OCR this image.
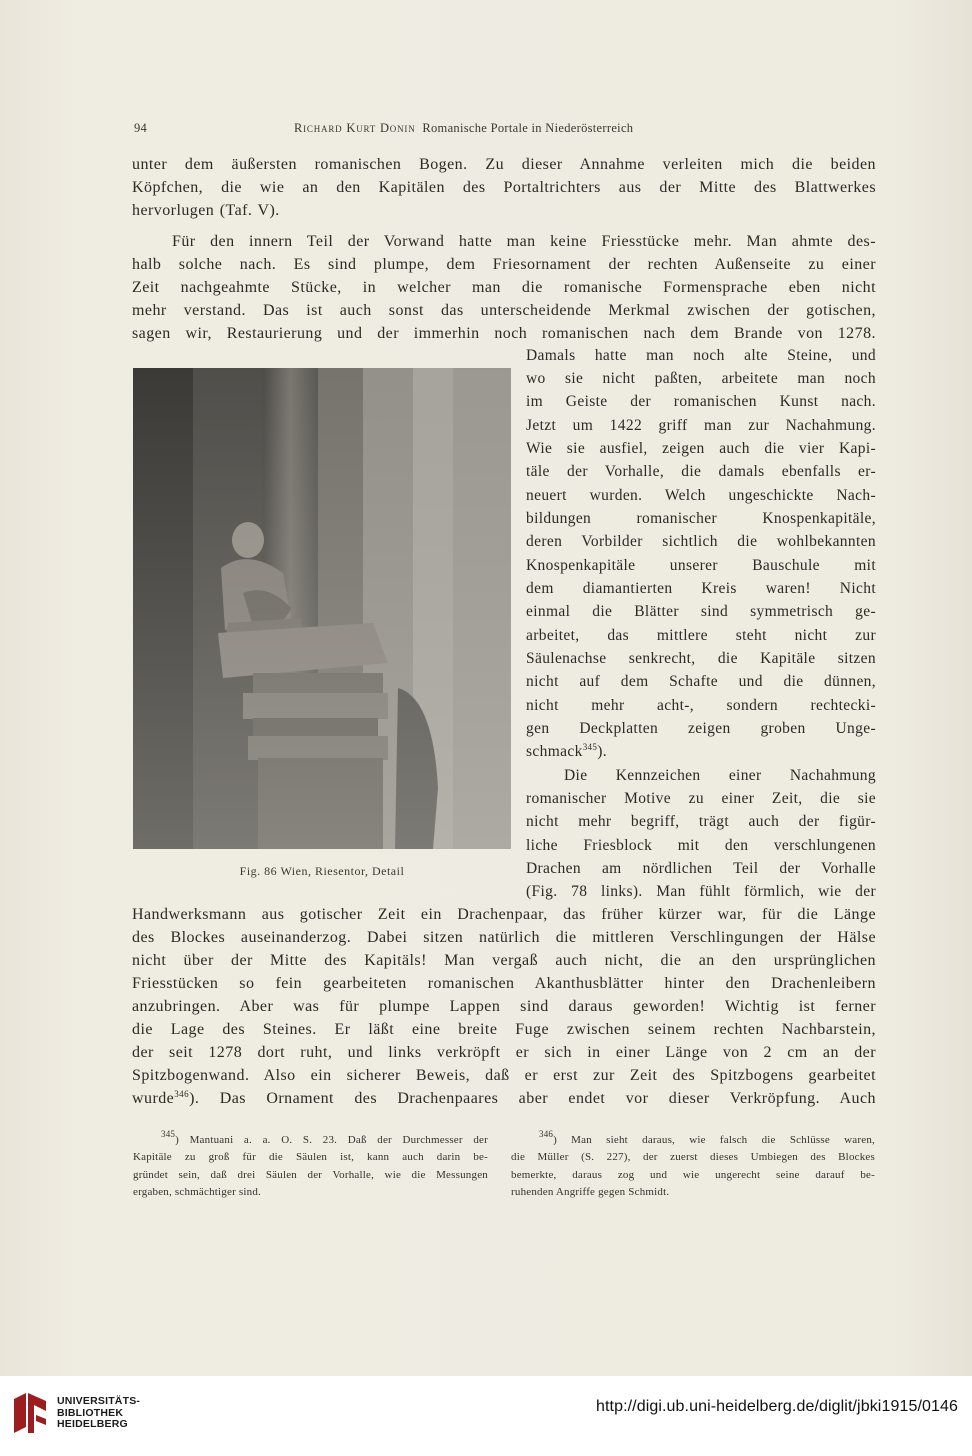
94	Richard Kurt Donin Romanische Portale in Niederösterreich
unter dem äußersten romanischen Bogen. Zu dieser Annahme verleiten mich die beiden
Köpfchen, die wie an den Kapitälen des Portaltrichters aus der Mitte des Blattwerkes
hervorlugen (Taf. V).
Für den innern Teil der Vorwand hatte man keine Friesstücke mehr. Man ahmte des-
halb solche nach. Es sind plumpe, dem Friesornament der rechten Außenseite zu einer
Zeit nachgeahmte Stücke, in welcher man die romanische Formensprache eben nicht
mehr verstand. Das ist auch sonst das unterscheidende Merkmal zwischen der gotischen,
sagen wir, Restaurierung und der immerhin noch romanischen nach dem Brande von 1278.
Fig. 86 Wien, Riesentor, Detail
Damals hatte man noch alte Steine, und
wo sie nicht paßten, arbeitete man noch
im Geiste der romanischen Kunst nach.
Jetzt um 1422 griff man zur Nachahmung.
Wie sie ausfiel, zeigen auch die vier Kapi-
täle der Vorhalle, die damals ebenfalls er-
neuert wurden. Welch ungeschickte Nach-
bildungen romanischer Knospenkapitäle,
deren Vorbilder sichtlich die wohlbekannten
Knospenkapitäle unserer Bauschule mit
dem diamantierten Kreis waren! Nicht
einmal die Blätter sind symmetrisch ge-
arbeitet, das mittlere steht nicht zur
Säulenachse senkrecht, die Kapitäle sitzen
nicht auf dem Schafte und die dünnen,
nicht mehr acht-, sondern rechtecki-
gen Deckplatten zeigen groben Unge-
schmack$^{345}$).
Die Kennzeichen einer Nachahmung
romanischer Motive zu einer Zeit, die sie
nicht mehr begriff, trägt auch der figür-
liche Friesblock mit den verschlungenen
Drachen am nördlichen Teil der Vorhalle
(Fig. 78 links). Man fühlt förmlich, wie der
Handwerksmann aus gotischer Zeit ein Drachenpaar, das früher kürzer war, für die Länge
des Blockes auseinanderzog. Dabei sitzen natürlich die mittleren Verschlingungen der Hälse
nicht über der Mitte des Kapitäls! Man vergaß auch nicht, die an den ursprünglichen
Friesstücken so fein gearbeiteten romanischen Akanthusblätter hinter den Drachenleibern
anzubringen. Aber was für plumpe Lappen sind daraus geworden! Wichtig ist ferner
die Lage des Steines. Er läßt eine breite Fuge zwischen seinem rechten Nachbarstein,
der seit 1278 dort ruht, und links verkröpft er sich in einer Länge von 2 cm an der
Spitzbogenwand. Also ein sicherer Beweis, daß er erst zur Zeit des Spitzbogens gearbeitet
wurde$^{346}$). Das Ornament des Drachenpaares aber endet vor dieser Verkröpfung. Auch
$^{345}$) Mantuani a. a. O. S. 23. Daß der Durchmesser der
Kapitäle zu groß für die Säulen ist, kann auch darin be-
gründet sein, daß drei Säulen der Vorhalle, wie die Messungen
ergaben, schmächtiger sind.
$^{346}$) Man sieht daraus, wie falsch die Schlüsse waren,
die Müller (S. 227), der zuerst dieses Umbiegen des Blockes
bemerkte, daraus zog und wie ungerecht seine darauf be-
ruhenden Angriffe gegen Schmidt.
UNIVERSITÄTS-
BIBLIOTHEK
HEIDELBERG
http://digi.ub.uni-heidelberg.de/diglit/jbki1915/0146
